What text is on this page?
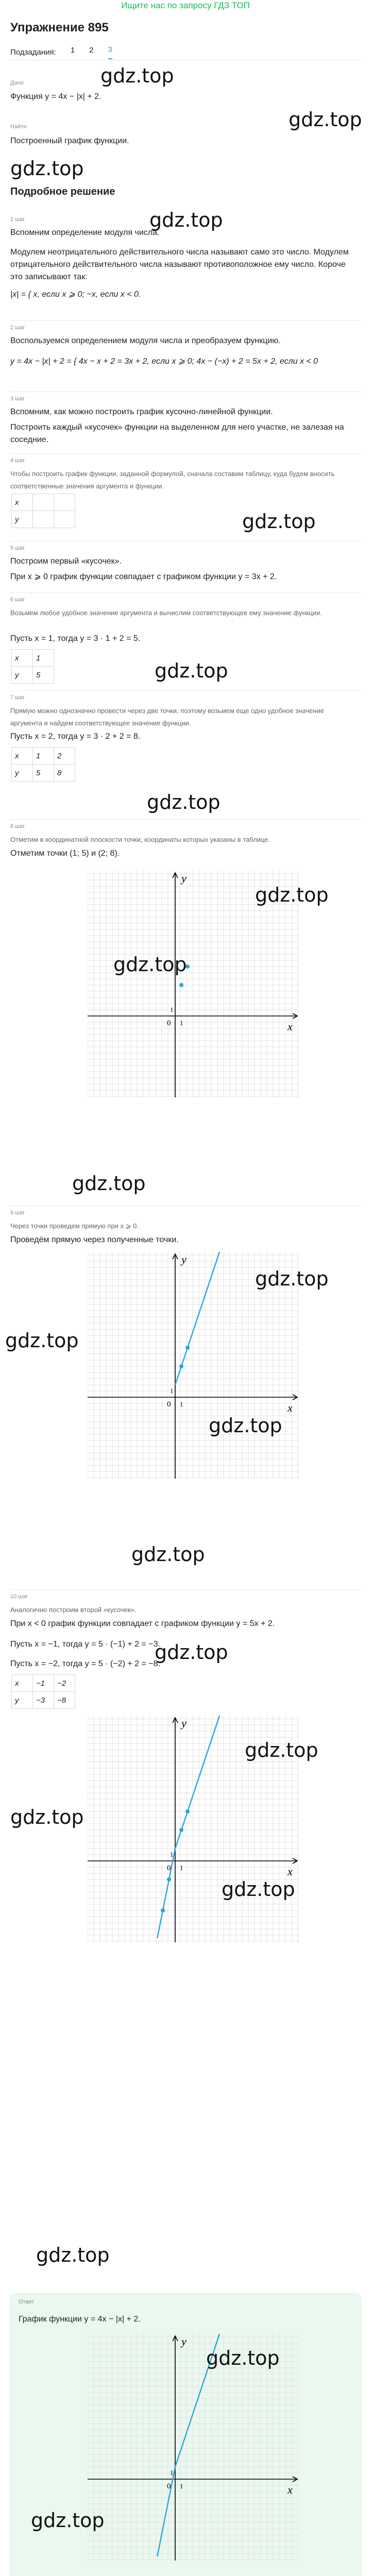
Ищите нас по запросу ГДЗ ТОП
Упражнение 895
Подзадания: 1 2 3
gdz.top
Дано
Функция y = 4x − |x| + 2.
gdz.top
Найти
Построенный график функции.
gdz.top
Подробное решение
gdz.top
1 шаг
Вспомним определение модуля числа.
Модулем неотрицательного действительного числа называют само это число. Модулем отрицательного действительного числа называют противоположное ему число. Короче это записывают так:
|x| = { x, если x ⩾ 0; −x, если x < 0.
2 шаг
Воспользуемся определением модуля числа и преобразуем функцию.
y = 4x − |x| + 2 = { 4x − x + 2 = 3x + 2, если x ⩾ 0; 4x − (−x) + 2 = 5x + 2, если x < 0
3 шаг
Вспомним, как можно построить график кусочно-линейной функции.
Построить каждый «кусочек» функции на выделенном для него участке, не залезая на соседние.
4 шаг
Чтобы построить график функции, заданной формулой, сначала составим таблицу, куда будем вносить соответственные значения аргумента и функции.
x		
y			gdz.top
5 шаг
Построим первый «кусочек».
При x ⩾ 0 график функции совпадает с графиком функции y = 3x + 2.
6 шаг
Возьмем любое удобное значение аргумента и вычислим соответствующее ему значение функции.
Пусть x = 1, тогда y = 3 · 1 + 2 = 5.
x	1
y	5	gdz.top
7 шаг
Прямую можно однозначно провести через две точки, поэтому возьмем еще одно удобное значение аргумента и найдем соответствующее значение функции.
Пусть x = 2, тогда y = 3 · 2 + 2 = 8.
x	1	2
y	5	8
gdz.top
8 шаг
Отметим в координатной плоскости точки, координаты которых указаны в таблице.
Отметим точки (1; 5) и (2; 8).
y
x
0 1
1
gdz.top
gdz.top
gdz.top
9 шаг
Через точки проведем прямую при x ⩾ 0.
Проведём прямую через полученные точки.
y
x
0 1
1
gdz.top
gdz.top
gdz.top
gdz.top
10 шаг
Аналогично построим второй «кусочек».
При x < 0 график функции совпадает с графиком функции y = 5x + 2.
Пусть x = −1, тогда y = 5 · (−1) + 2 = −3.
Пусть x = −2, тогда y = 5 · (−2) + 2 = −8.
gdz.top
x	−1	−2
y	−3	−8
y
x
0 1
1
gdz.top
gdz.top
gdz.top
gdz.top
Ответ
График функции y = 4x − |x| + 2.
y
x
0 1
1
gdz.top
gdz.top
